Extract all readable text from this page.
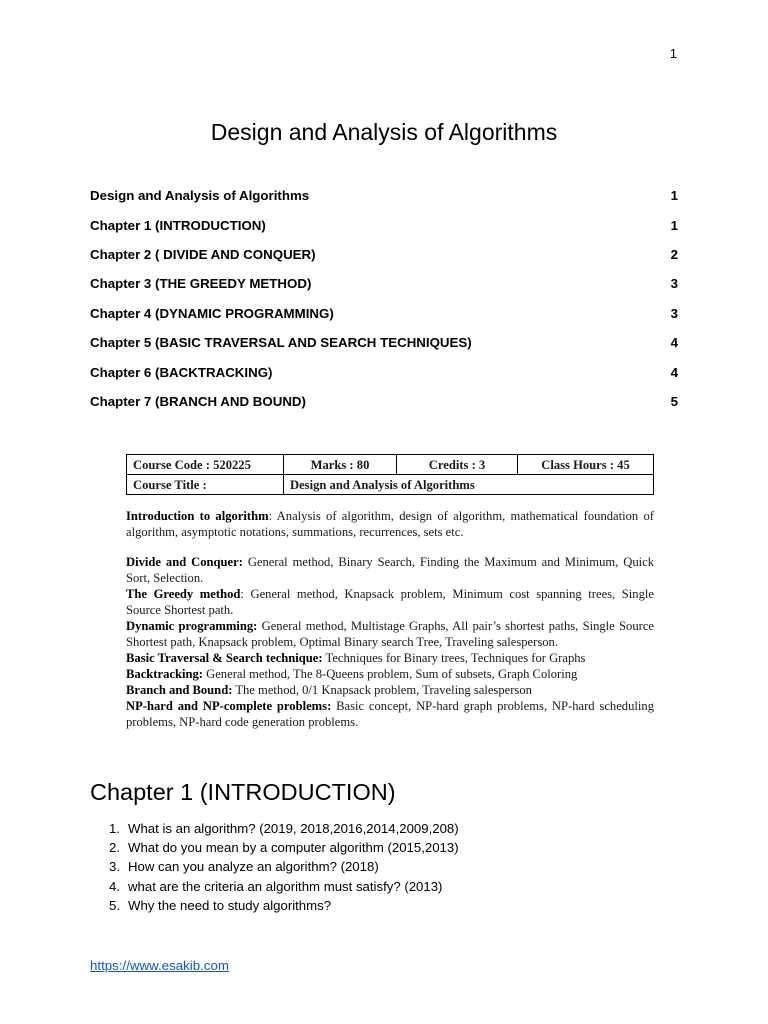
1
Design and Analysis of Algorithms
Design and Analysis of Algorithms	1
Chapter 1 (INTRODUCTION)	1
Chapter 2 ( DIVIDE AND CONQUER)	2
Chapter 3 (THE GREEDY METHOD)	3
Chapter 4 (DYNAMIC PROGRAMMING)	3
Chapter 5 (BASIC TRAVERSAL AND SEARCH TECHNIQUES)	4
Chapter 6 (BACKTRACKING)	4
Chapter 7 (BRANCH AND BOUND)	5
Course Code : 520225	Marks : 80	Credits : 3	Class Hours : 45
Course Title :	Design and Analysis of Algorithms		

Introduction to algorithm: Analysis of algorithm, design of algorithm, mathematical foundation of algorithm, asymptotic notations, summations, recurrences, sets etc.

Divide and Conquer: General method, Binary Search, Finding the Maximum and Minimum, Quick Sort, Selection.

The Greedy method: General method, Knapsack problem, Minimum cost spanning trees, Single Source Shortest path.

Dynamic programming: General method, Multistage Graphs, All pair’s shortest paths, Single Source Shortest path, Knapsack problem, Optimal Binary search Tree, Traveling salesperson.

Basic Traversal & Search technique: Techniques for Binary trees, Techniques for Graphs

Backtracking: General method, The 8-Queens problem, Sum of subsets, Graph Coloring

Branch and Bound: The method, 0/1 Knapsack problem, Traveling salesperson

NP-hard and NP-complete problems: Basic concept, NP-hard graph problems, NP-hard scheduling problems, NP-hard code generation problems.

Chapter 1 (INTRODUCTION)
1. What is an algorithm? (2019, 2018,2016,2014,2009,208)
2. What do you mean by a computer algorithm (2015,2013)
3. How can you analyze an algorithm? (2018)
4. what are the criteria an algorithm must satisfy? (2013)
5. Why the need to study algorithms?
https://www.esakib.com
